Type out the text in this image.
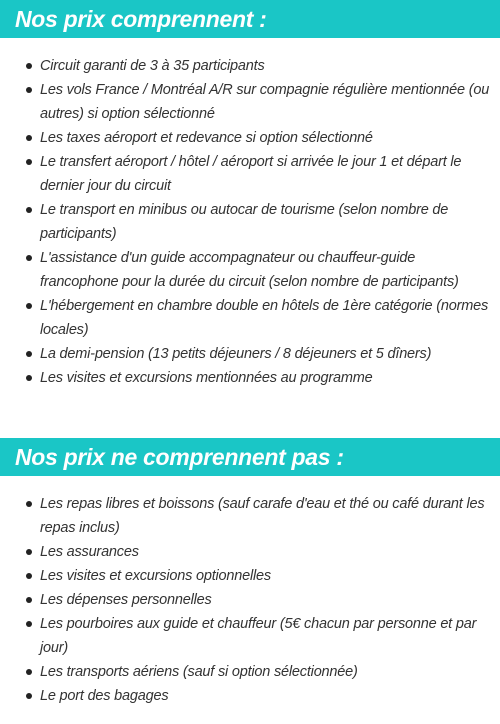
Nos prix comprennent :
Circuit garanti de 3 à 35 participants
Les vols France / Montréal A/R sur compagnie régulière mentionnée (ou autres) si option sélectionné
Les taxes aéroport et redevance si option sélectionné
Le transfert aéroport / hôtel / aéroport si arrivée le jour 1 et départ le dernier jour du circuit
Le transport en minibus ou autocar de tourisme (selon nombre de participants)
L'assistance d'un guide accompagnateur ou chauffeur-guide francophone pour la durée du circuit (selon nombre de participants)
L'hébergement en chambre double en hôtels de 1ère catégorie (normes locales)
La demi-pension (13 petits déjeuners / 8 déjeuners et 5 dîners)
Les visites et excursions mentionnées au programme
Nos prix ne comprennent pas :
Les repas libres et boissons (sauf carafe d'eau et thé ou café durant les repas inclus)
Les assurances
Les visites et excursions optionnelles
Les dépenses personnelles
Les pourboires aux guide et chauffeur (5€ chacun par personne et par jour)
Les transports aériens (sauf si option sélectionnée)
Le port des bagages
